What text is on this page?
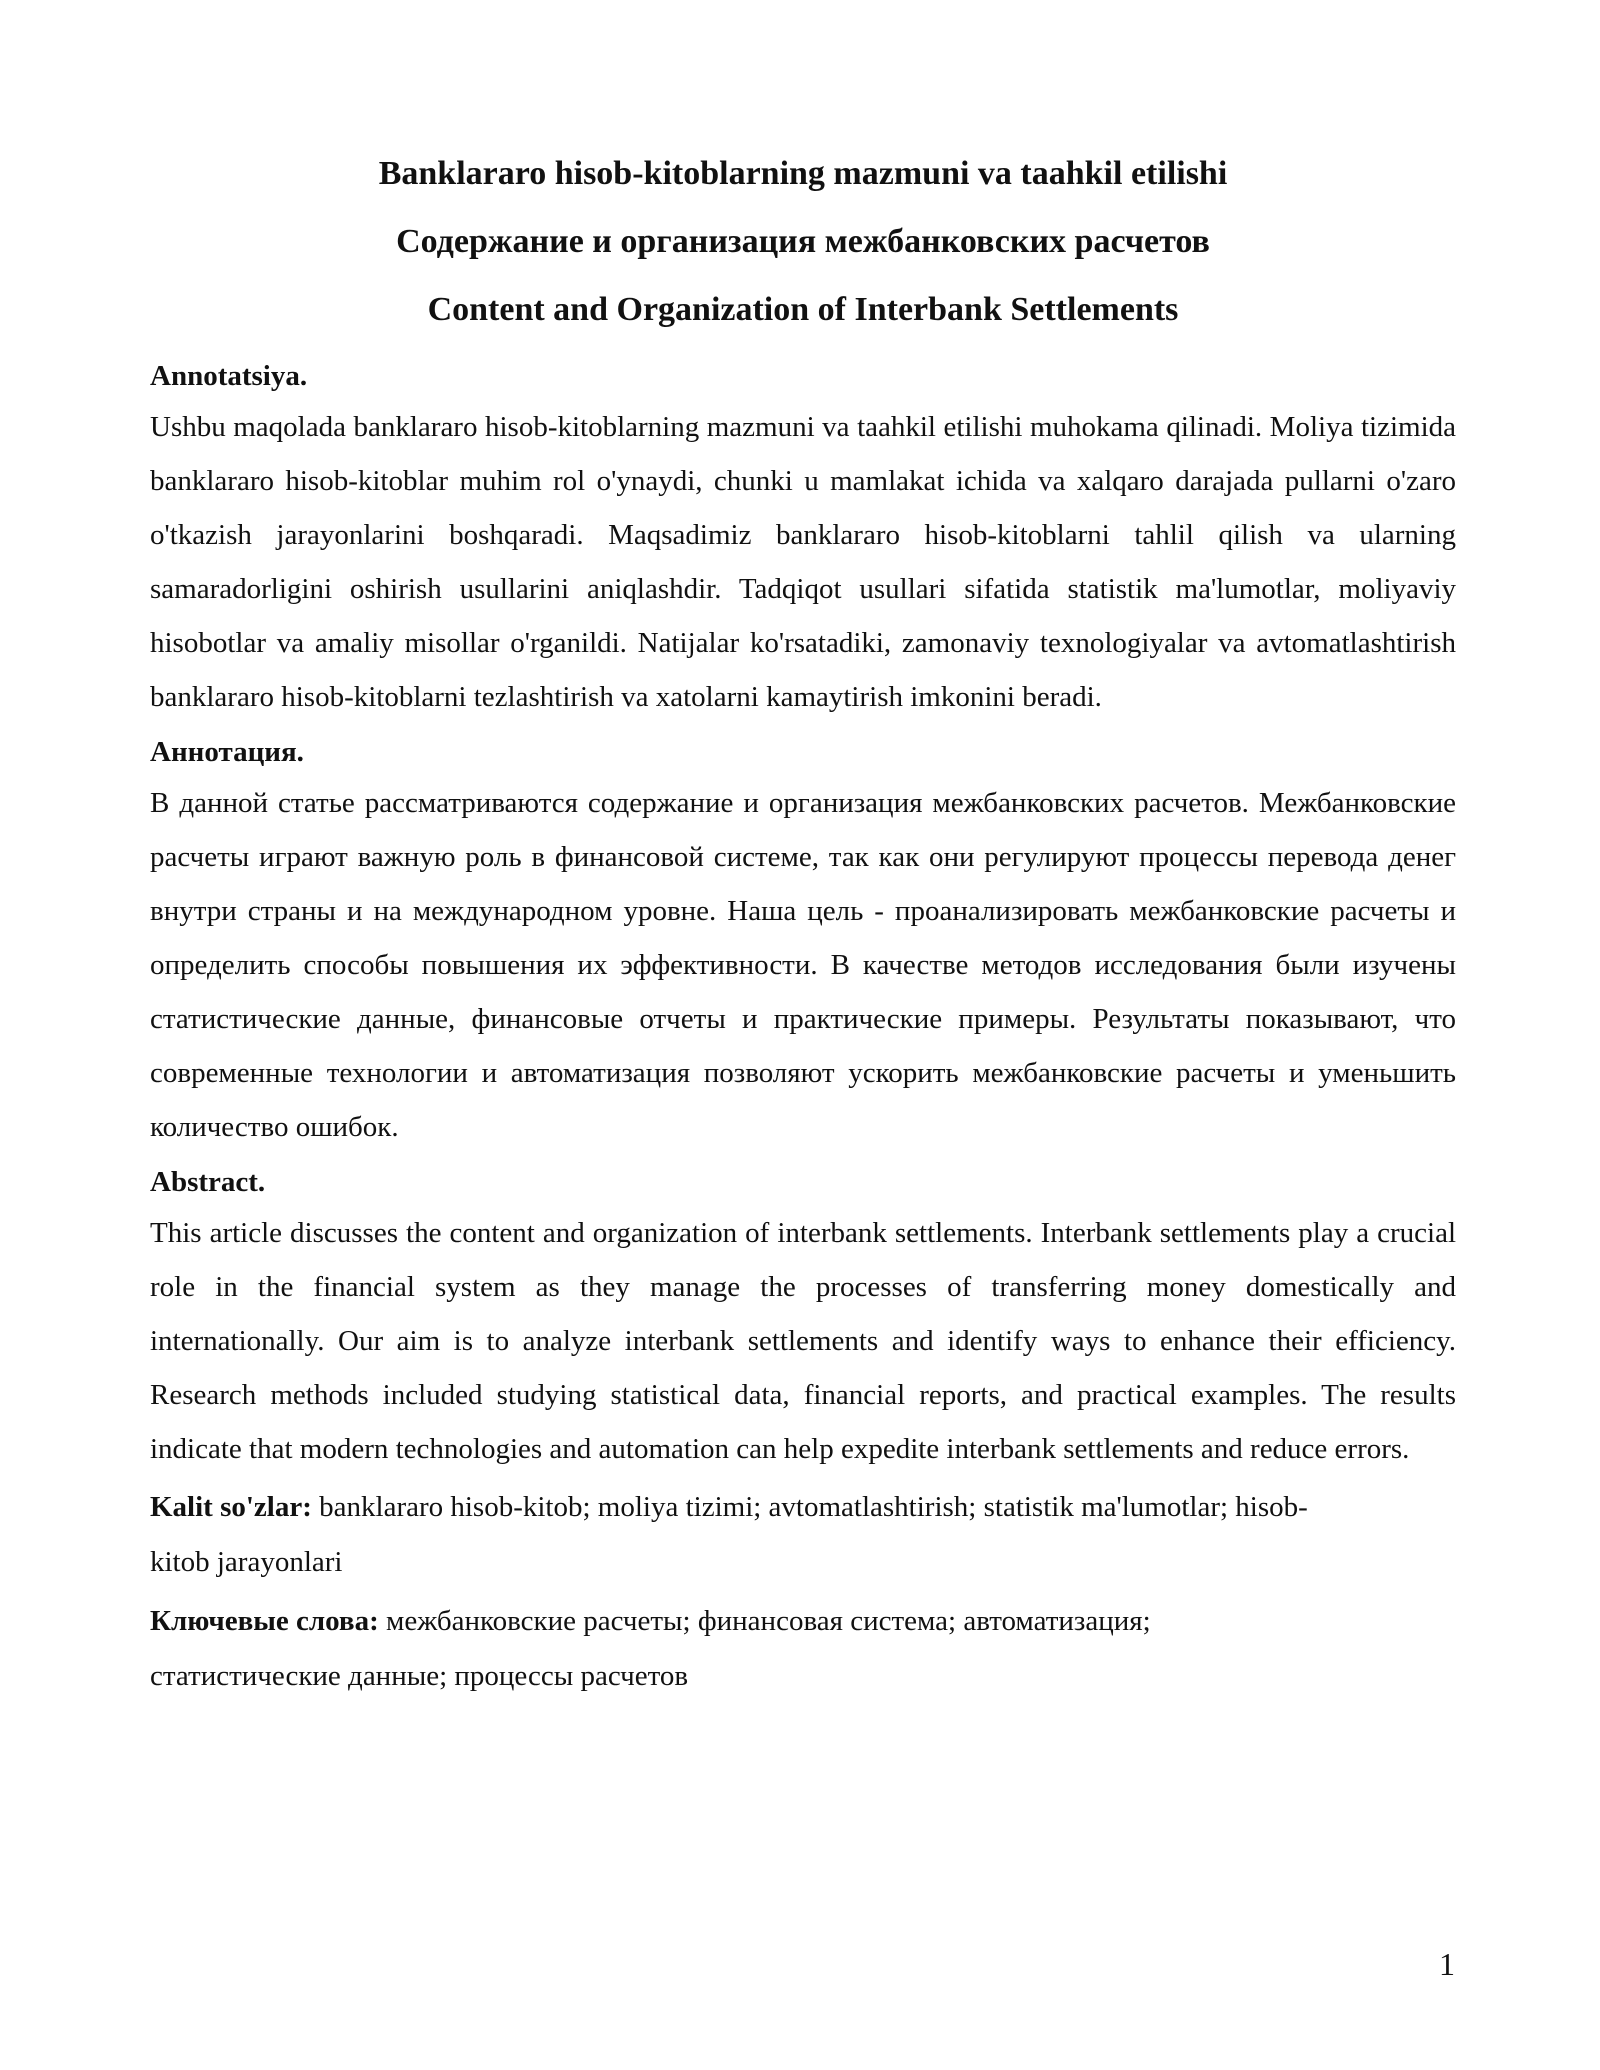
Banklararo hisob-kitoblarning mazmuni va taahkil etilishi

Содержание и организация межбанковских расчетов

Content and Organization of Interbank Settlements

Annotatsiya.

Ushbu maqolada banklararo hisob-kitoblarning mazmuni va taahkil etilishi muhokama qilinadi. Moliya tizimida banklararo hisob-kitoblar muhim rol o'ynaydi, chunki u mamlakat ichida va xalqaro darajada pullarni o'zaro o'tkazish jarayonlarini boshqaradi. Maqsadimiz banklararo hisob-kitoblarni tahlil qilish va ularning samaradorligini oshirish usullarini aniqlashdir. Tadqiqot usullari sifatida statistik ma'lumotlar, moliyaviy hisobotlar va amaliy misollar o'rganildi. Natijalar ko'rsatadiki, zamonaviy texnologiyalar va avtomatlashtirish banklararo hisob-kitoblarni tezlashtirish va xatolarni kamaytirish imkonini beradi.

Аннотация.

В данной статье рассматриваются содержание и организация межбанковских расчетов. Межбанковские расчеты играют важную роль в финансовой системе, так как они регулируют процессы перевода денег внутри страны и на международном уровне. Наша цель - проанализировать межбанковские расчеты и определить способы повышения их эффективности. В качестве методов исследования были изучены статистические данные, финансовые отчеты и практические примеры. Результаты показывают, что современные технологии и автоматизация позволяют ускорить межбанковские расчеты и уменьшить количество ошибок.

Abstract.

This article discusses the content and organization of interbank settlements. Interbank settlements play a crucial role in the financial system as they manage the processes of transferring money domestically and internationally. Our aim is to analyze interbank settlements and identify ways to enhance their efficiency. Research methods included studying statistical data, financial reports, and practical examples. The results indicate that modern technologies and automation can help expedite interbank settlements and reduce errors.

Kalit so'zlar: banklararo hisob-kitob; moliya tizimi; avtomatlashtirish; statistik ma'lumotlar; hisob-
kitob jarayonlari

Ключевые слова: межбанковские расчеты; финансовая система; автоматизация;
статистические данные; процессы расчетов

1
